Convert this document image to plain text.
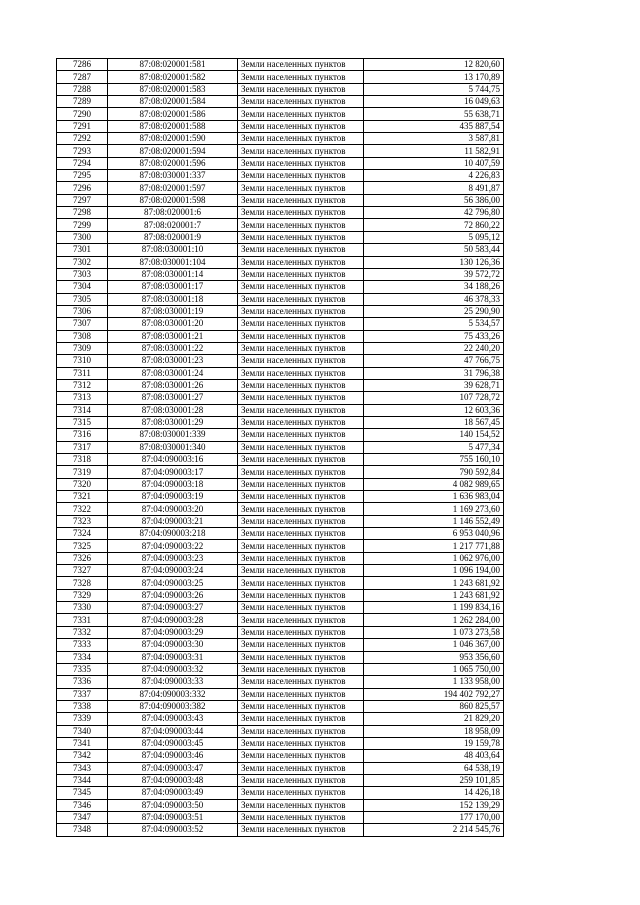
7286	87:08:020001:581	Земли населенных пунктов	12 820,60
7287	87:08:020001:582	Земли населенных пунктов	13 170,89
7288	87:08:020001:583	Земли населенных пунктов	5 744,75
7289	87:08:020001:584	Земли населенных пунктов	16 049,63
7290	87:08:020001:586	Земли населенных пунктов	55 638,71
7291	87:08:020001:588	Земли населенных пунктов	435 887,54
7292	87:08:020001:590	Земли населенных пунктов	3 587,81
7293	87:08:020001:594	Земли населенных пунктов	11 582,91
7294	87:08:020001:596	Земли населенных пунктов	10 407,59
7295	87:08:030001:337	Земли населенных пунктов	4 226,83
7296	87:08:020001:597	Земли населенных пунктов	8 491,87
7297	87:08:020001:598	Земли населенных пунктов	56 386,00
7298	87:08:020001:6	Земли населенных пунктов	42 796,80
7299	87:08:020001:7	Земли населенных пунктов	72 860,22
7300	87:08:020001:9	Земли населенных пунктов	5 095,12
7301	87:08:030001:10	Земли населенных пунктов	50 583,44
7302	87:08:030001:104	Земли населенных пунктов	130 126,36
7303	87:08:030001:14	Земли населенных пунктов	39 572,72
7304	87:08:030001:17	Земли населенных пунктов	34 188,26
7305	87:08:030001:18	Земли населенных пунктов	46 378,33
7306	87:08:030001:19	Земли населенных пунктов	25 290,90
7307	87:08:030001:20	Земли населенных пунктов	5 534,57
7308	87:08:030001:21	Земли населенных пунктов	75 433,26
7309	87:08:030001:22	Земли населенных пунктов	22 240,20
7310	87:08:030001:23	Земли населенных пунктов	47 766,75
7311	87:08:030001:24	Земли населенных пунктов	31 796,38
7312	87:08:030001:26	Земли населенных пунктов	39 628,71
7313	87:08:030001:27	Земли населенных пунктов	107 728,72
7314	87:08:030001:28	Земли населенных пунктов	12 603,36
7315	87:08:030001:29	Земли населенных пунктов	18 567,45
7316	87:08:030001:339	Земли населенных пунктов	140 154,52
7317	87:08:030001:340	Земли населенных пунктов	5 477,34
7318	87:04:090003:16	Земли населенных пунктов	755 160,10
7319	87:04:090003:17	Земли населенных пунктов	790 592,84
7320	87:04:090003:18	Земли населенных пунктов	4 082 989,65
7321	87:04:090003:19	Земли населенных пунктов	1 636 983,04
7322	87:04:090003:20	Земли населенных пунктов	1 169 273,60
7323	87:04:090003:21	Земли населенных пунктов	1 146 552,49
7324	87:04:090003:218	Земли населенных пунктов	6 953 040,96
7325	87:04:090003:22	Земли населенных пунктов	1 217 771,88
7326	87:04:090003:23	Земли населенных пунктов	1 062 976,00
7327	87:04:090003:24	Земли населенных пунктов	1 096 194,00
7328	87:04:090003:25	Земли населенных пунктов	1 243 681,92
7329	87:04:090003:26	Земли населенных пунктов	1 243 681,92
7330	87:04:090003:27	Земли населенных пунктов	1 199 834,16
7331	87:04:090003:28	Земли населенных пунктов	1 262 284,00
7332	87:04:090003:29	Земли населенных пунктов	1 073 273,58
7333	87:04:090003:30	Земли населенных пунктов	1 046 367,00
7334	87:04:090003:31	Земли населенных пунктов	953 356,60
7335	87:04:090003:32	Земли населенных пунктов	1 065 750,00
7336	87:04:090003:33	Земли населенных пунктов	1 133 958,00
7337	87:04:090003:332	Земли населенных пунктов	194 402 792,27
7338	87:04:090003:382	Земли населенных пунктов	860 825,57
7339	87:04:090003:43	Земли населенных пунктов	21 829,20
7340	87:04:090003:44	Земли населенных пунктов	18 958,09
7341	87:04:090003:45	Земли населенных пунктов	19 159,78
7342	87:04:090003:46	Земли населенных пунктов	48 403,64
7343	87:04:090003:47	Земли населенных пунктов	64 538,19
7344	87:04:090003:48	Земли населенных пунктов	259 101,85
7345	87:04:090003:49	Земли населенных пунктов	14 426,18
7346	87:04:090003:50	Земли населенных пунктов	152 139,29
7347	87:04:090003:51	Земли населенных пунктов	177 170,00
7348	87:04:090003:52	Земли населенных пунктов	2 214 545,76
